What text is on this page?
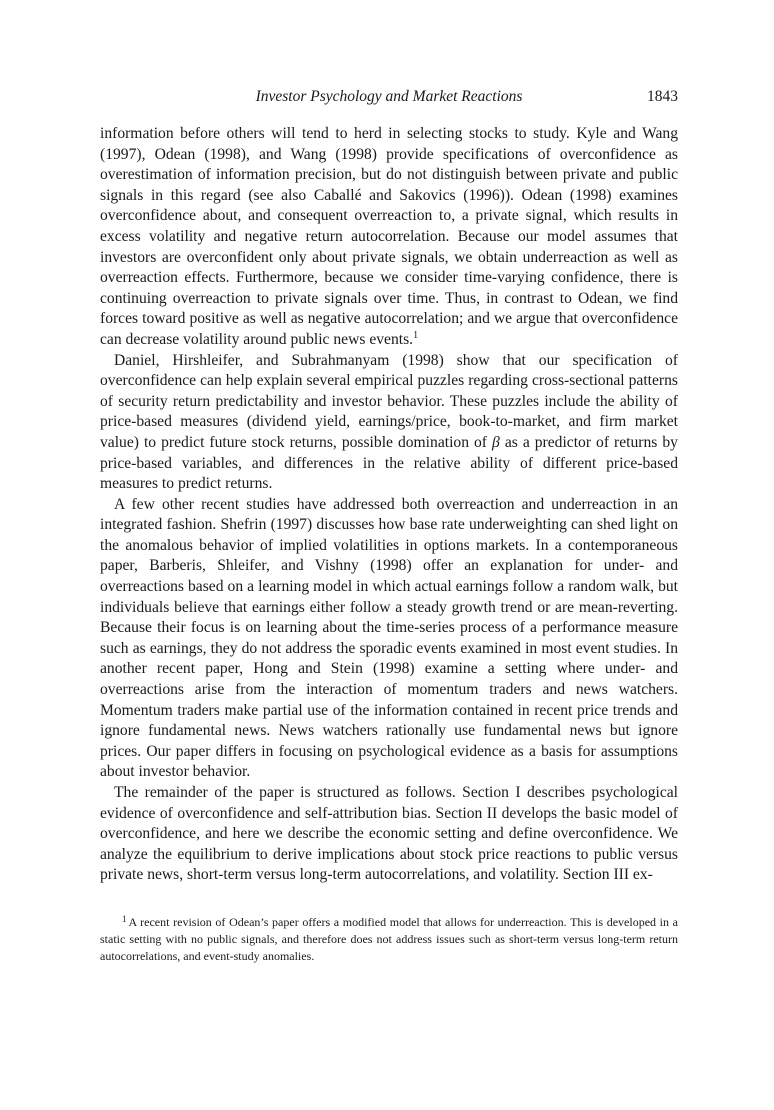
Investor Psychology and Market Reactions	1843

information before others will tend to herd in selecting stocks to study. Kyle and Wang (1997), Odean (1998), and Wang (1998) provide specifications of overconfidence as overestimation of information precision, but do not distinguish between private and public signals in this regard (see also Caballé and Sakovics (1996)). Odean (1998) examines overconfidence about, and consequent overreaction to, a private signal, which results in excess volatility and negative return autocorrelation. Because our model assumes that investors are overconfident only about private signals, we obtain underreaction as well as overreaction effects. Furthermore, because we consider time-varying confidence, there is continuing overreaction to private signals over time. Thus, in contrast to Odean, we find forces toward positive as well as negative autocorrelation; and we argue that overconfidence can decrease volatility around public news events.$^1$

Daniel, Hirshleifer, and Subrahmanyam (1998) show that our specification of overconfidence can help explain several empirical puzzles regarding cross-sectional patterns of security return predictability and investor behavior. These puzzles include the ability of price-based measures (dividend yield, earnings/price, book-to-market, and firm market value) to predict future stock returns, possible domination of β as a predictor of returns by price-based variables, and differences in the relative ability of different price-based measures to predict returns.

A few other recent studies have addressed both overreaction and underreaction in an integrated fashion. Shefrin (1997) discusses how base rate underweighting can shed light on the anomalous behavior of implied volatilities in options markets. In a contemporaneous paper, Barberis, Shleifer, and Vishny (1998) offer an explanation for under- and overreactions based on a learning model in which actual earnings follow a random walk, but individuals believe that earnings either follow a steady growth trend or are mean-reverting. Because their focus is on learning about the time-series process of a performance measure such as earnings, they do not address the sporadic events examined in most event studies. In another recent paper, Hong and Stein (1998) examine a setting where under- and overreactions arise from the interaction of momentum traders and news watchers. Momentum traders make partial use of the information contained in recent price trends and ignore fundamental news. News watchers rationally use fundamental news but ignore prices. Our paper differs in focusing on psychological evidence as a basis for assumptions about investor behavior.

The remainder of the paper is structured as follows. Section I describes psychological evidence of overconfidence and self-attribution bias. Section II develops the basic model of overconfidence, and here we describe the economic setting and define overconfidence. We analyze the equilibrium to derive implications about stock price reactions to public versus private news, short-term versus long-term autocorrelations, and volatility. Section III ex-

$^1$ A recent revision of Odean’s paper offers a modified model that allows for underreaction. This is developed in a static setting with no public signals, and therefore does not address issues such as short-term versus long-term return autocorrelations, and event-study anomalies.
